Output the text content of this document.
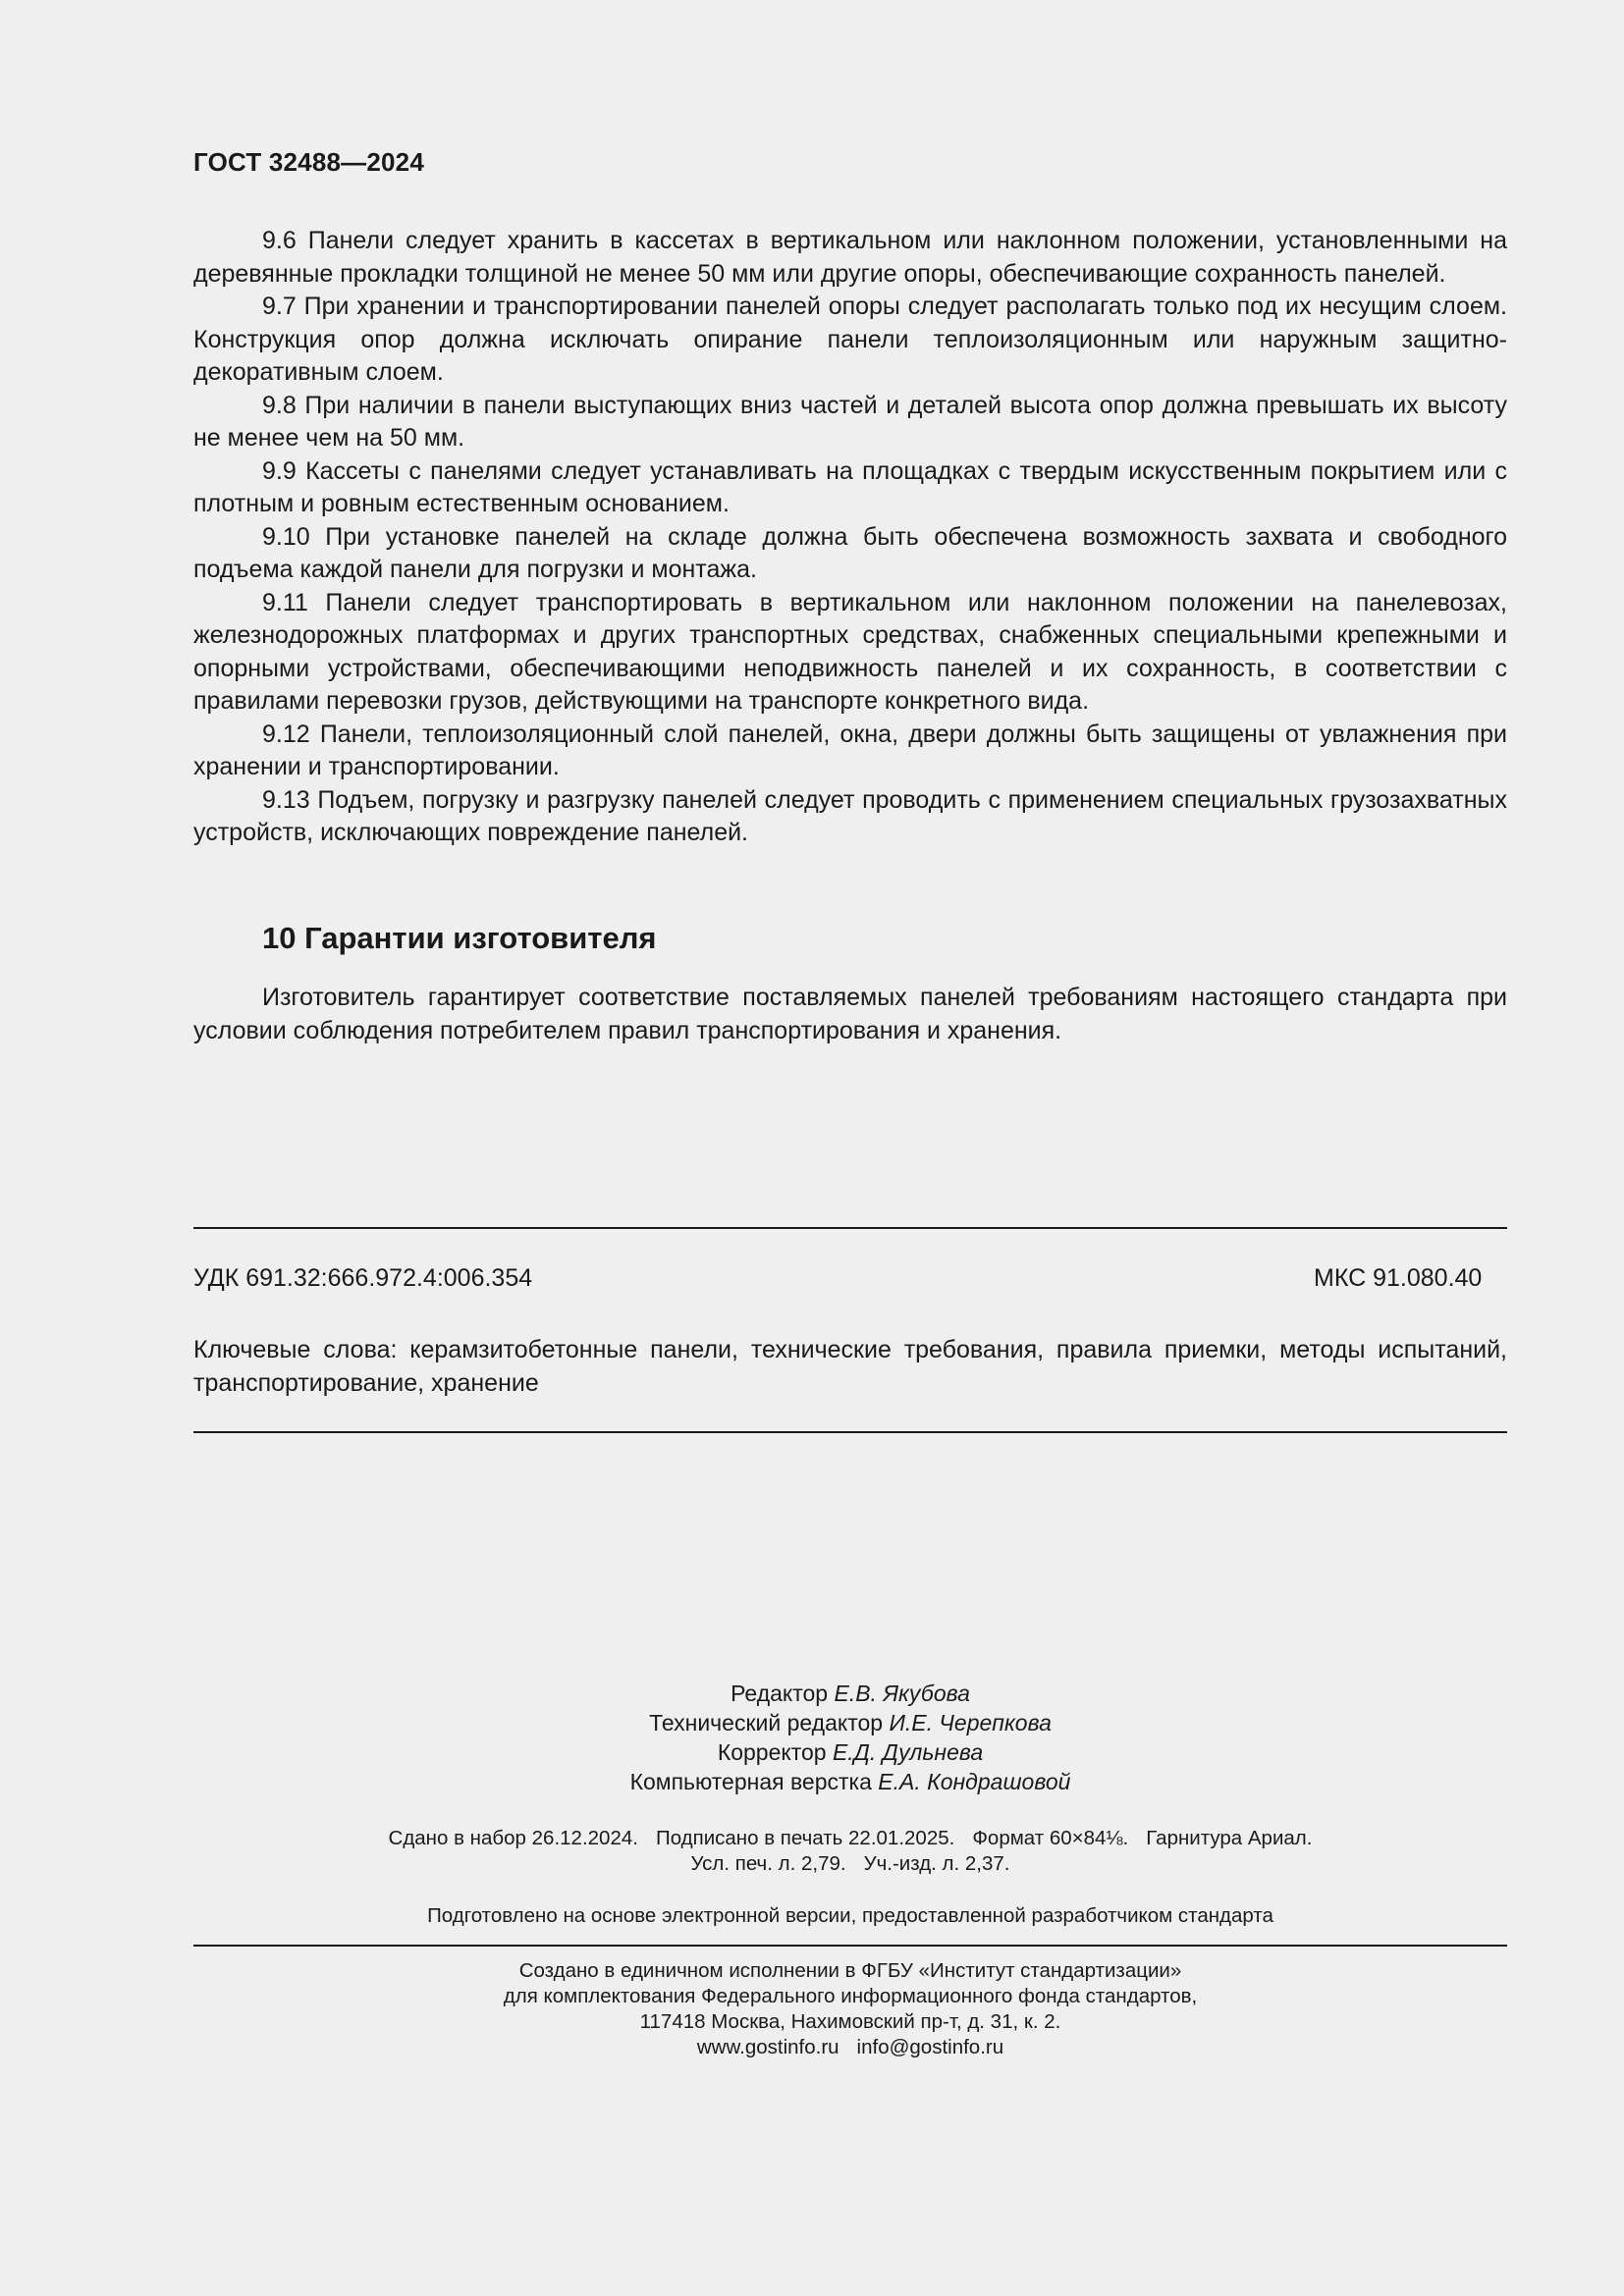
ГОСТ 32488—2024

9.6 Панели следует хранить в кассетах в вертикальном или наклонном положении, установленными на деревянные прокладки толщиной не менее 50 мм или другие опоры, обеспечивающие сохранность панелей.

9.7 При хранении и транспортировании панелей опоры следует располагать только под их несущим слоем. Конструкция опор должна исключать опирание панели теплоизоляционным или наружным защитно-декоративным слоем.

9.8 При наличии в панели выступающих вниз частей и деталей высота опор должна превышать их высоту не менее чем на 50 мм.

9.9 Кассеты с панелями следует устанавливать на площадках с твердым искусственным покрытием или с плотным и ровным естественным основанием.

9.10 При установке панелей на складе должна быть обеспечена возможность захвата и свободного подъема каждой панели для погрузки и монтажа.

9.11 Панели следует транспортировать в вертикальном или наклонном положении на панелевозах, железнодорожных платформах и других транспортных средствах, снабженных специальными крепежными и опорными устройствами, обеспечивающими неподвижность панелей и их сохранность, в соответствии с правилами перевозки грузов, действующими на транспорте конкретного вида.

9.12 Панели, теплоизоляционный слой панелей, окна, двери должны быть защищены от увлажнения при хранении и транспортировании.

9.13 Подъем, погрузку и разгрузку панелей следует проводить с применением специальных грузозахватных устройств, исключающих повреждение панелей.

10 Гарантии изготовителя

Изготовитель гарантирует соответствие поставляемых панелей требованиям настоящего стандарта при условии соблюдения потребителем правил транспортирования и хранения.

УДК 691.32:666.972.4:006.354	МКС 91.080.40

Ключевые слова: керамзитобетонные панели, технические требования, правила приемки, методы испытаний, транспортирование, хранение

Редактор Е.В. Якубова
Технический редактор И.Е. Черепкова
Корректор Е.Д. Дульнева
Компьютерная верстка Е.А. Кондрашовой
Сдано в набор 26.12.2024. Подписано в печать 22.01.2025. Формат 60×84⅛. Гарнитура Ариал.
Усл. печ. л. 2,79. Уч.-изд. л. 2,37.
Подготовлено на основе электронной версии, предоставленной разработчиком стандарта
Создано в единичном исполнении в ФГБУ «Институт стандартизации»
для комплектования Федерального информационного фонда стандартов,
117418 Москва, Нахимовский пр-т, д. 31, к. 2.
www.gostinfo.ru info@gostinfo.ru
